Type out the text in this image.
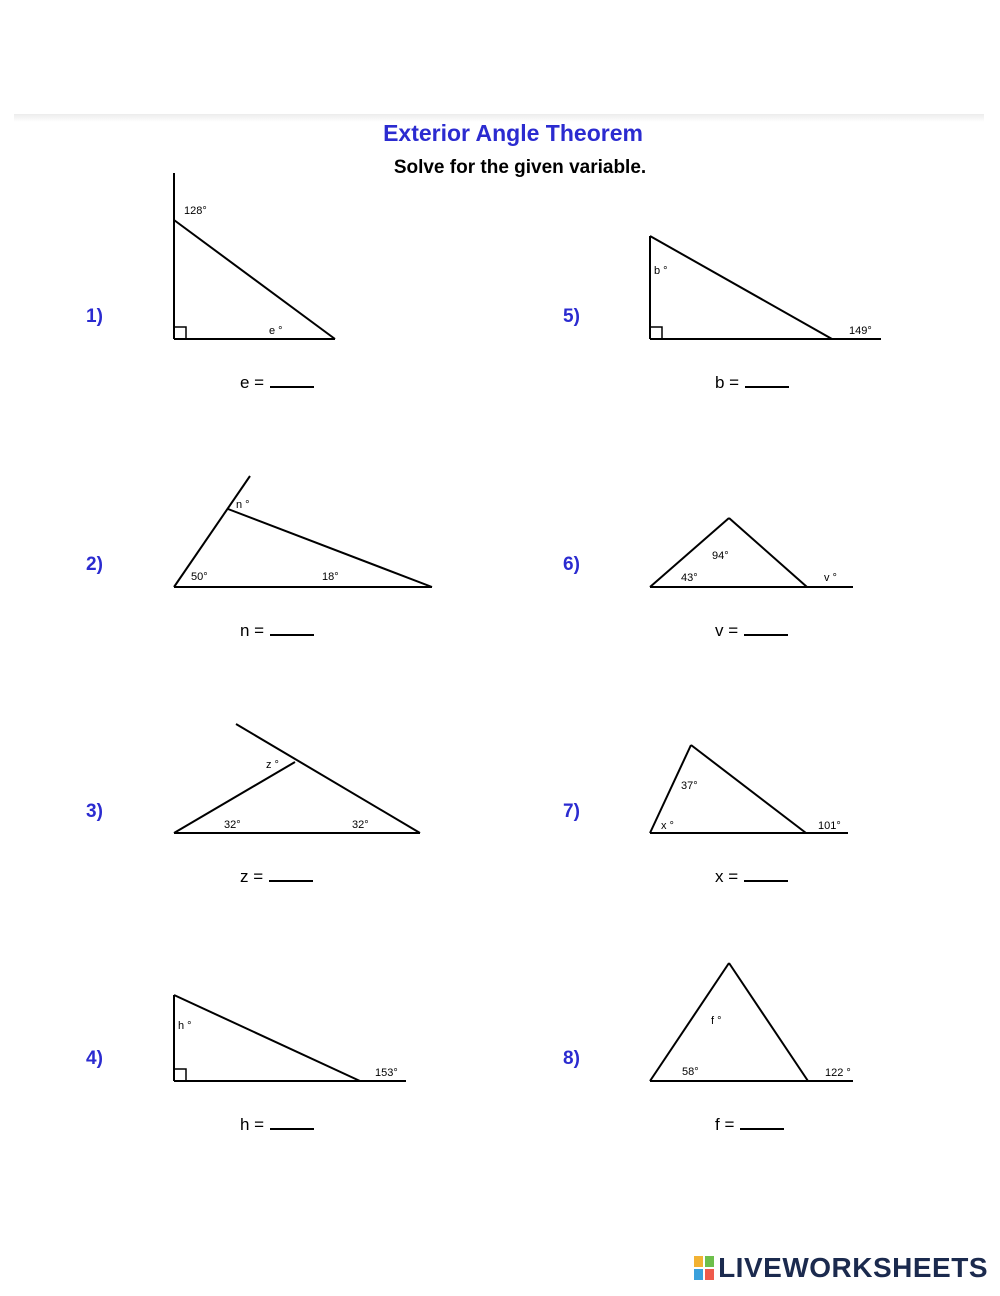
Exterior Angle Theorem
Solve for the given variable.
1)
2)
3)
4)
5)
6)
7)
8)
128°
e °
n °
50°	18°
z °
32°	32°
h °
153°
b °
149°
94°
43°	v °
37°
x °	101°
f °
58°	122 °
e =
n =
z =
h =
b =
v =
x =
f =
LIVEWORKSHEETS
